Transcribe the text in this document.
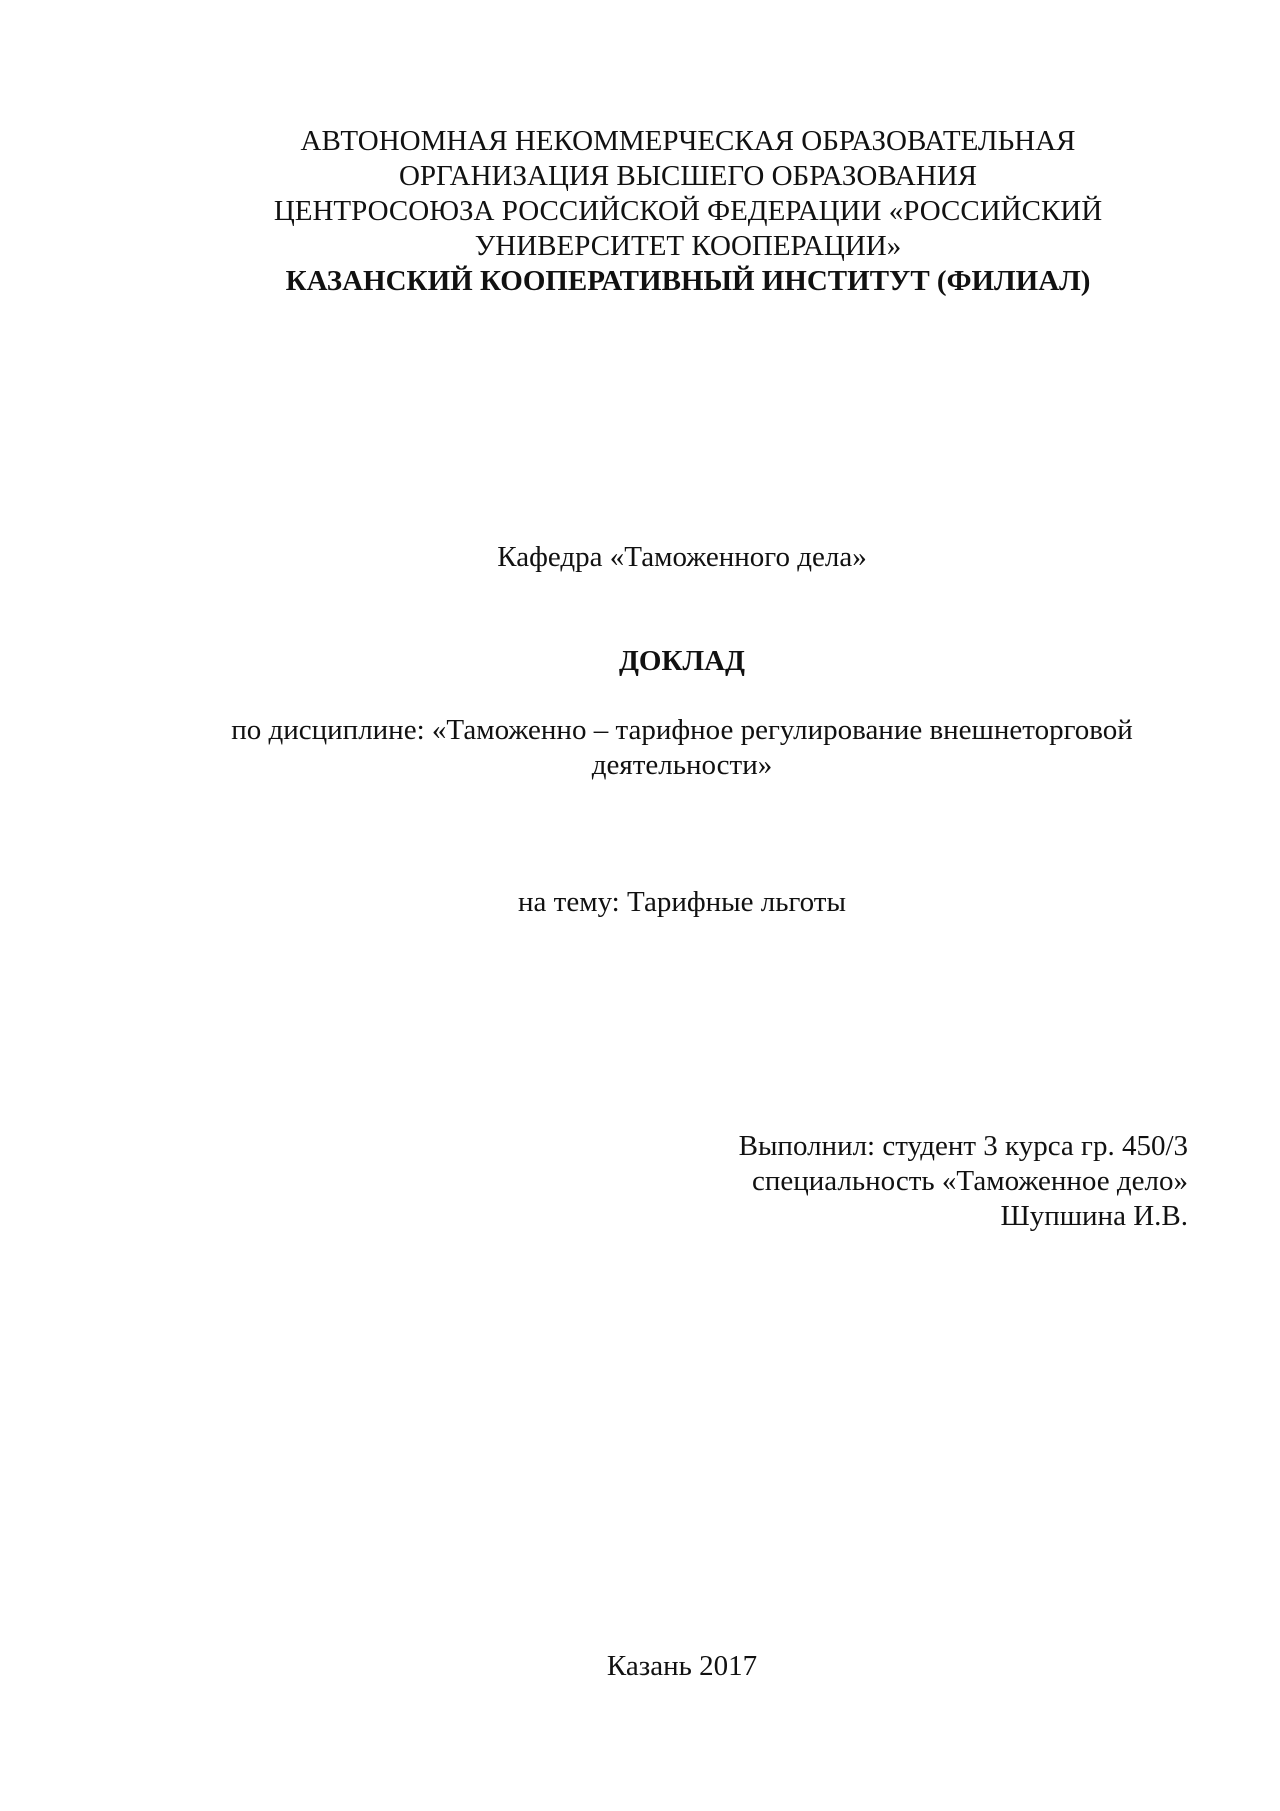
АВТОНОМНАЯ НЕКОММЕРЧЕСКАЯ ОБРАЗОВАТЕЛЬНАЯ
ОРГАНИЗАЦИЯ ВЫСШЕГО ОБРАЗОВАНИЯ
ЦЕНТРОСОЮЗА РОССИЙСКОЙ ФЕДЕРАЦИИ «РОССИЙСКИЙ
УНИВЕРСИТЕТ КООПЕРАЦИИ»
КАЗАНСКИЙ КООПЕРАТИВНЫЙ ИНСТИТУТ (ФИЛИАЛ)
Кафедра «Таможенного дела»
ДОКЛАД
по дисциплине: «Таможенно – тарифное регулирование внешнеторговой
деятельности»
на тему: Тарифные льготы
Выполнил: студент 3 курса гр. 450/3
специальность «Таможенное дело»
Шупшина И.В.
Казань 2017
